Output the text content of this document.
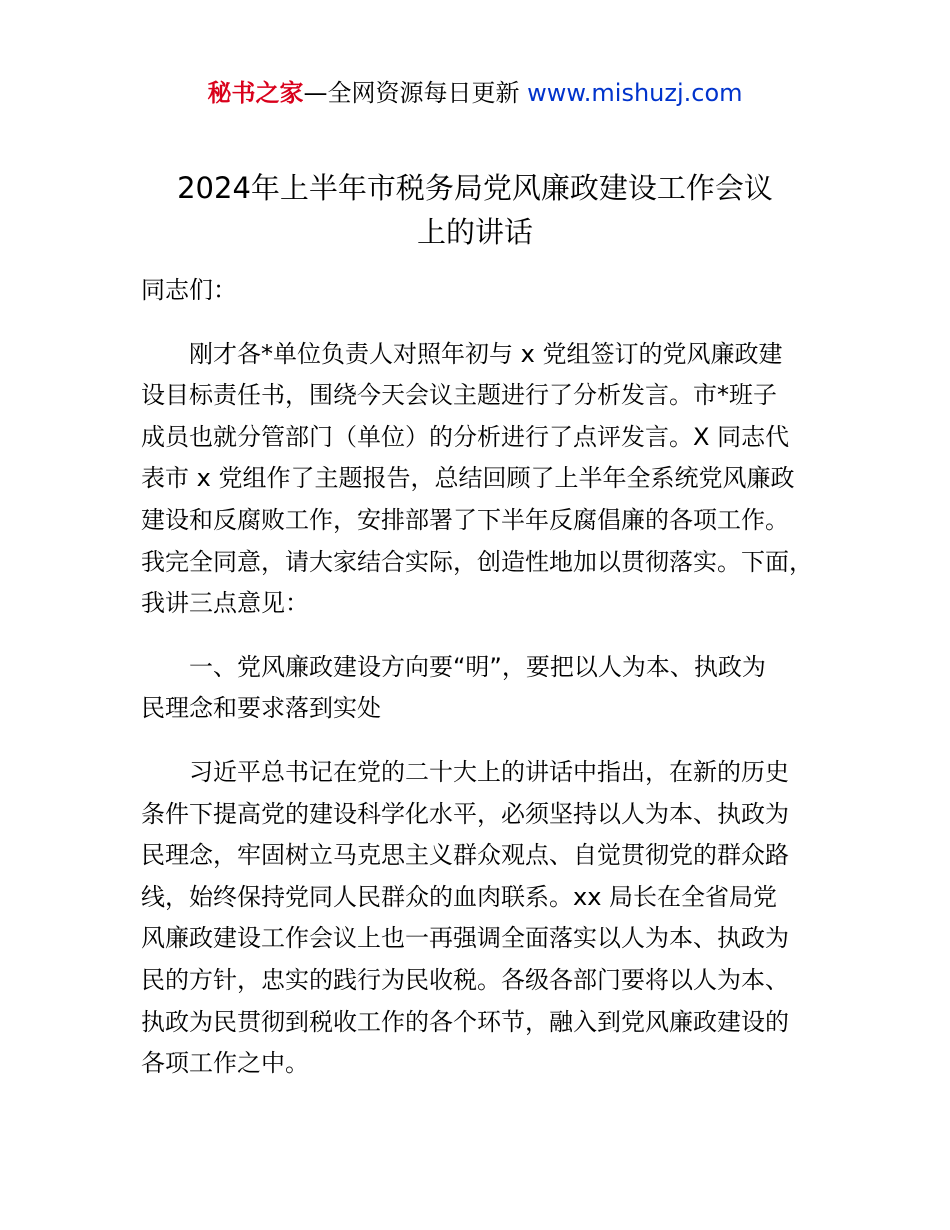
秘书之家—全网资源每日更新 www.mishuzj.com
2024年上半年市税务局党风廉政建设工作会议
上的讲话
同志们：
刚才各*单位负责人对照年初与 x 党组签订的党风廉政建
设目标责任书，围绕今天会议主题进行了分析发言。市*班子
成员也就分管部门（单位）的分析进行了点评发言。X 同志代
表市 x 党组作了主题报告，总结回顾了上半年全系统党风廉政
建设和反腐败工作，安排部署了下半年反腐倡廉的各项工作。
我完全同意，请大家结合实际，创造性地加以贯彻落实。下面，
我讲三点意见：
一、党风廉政建设方向要“明”，要把以人为本、执政为
民理念和要求落到实处
习近平总书记在党的二十大上的讲话中指出，在新的历史
条件下提高党的建设科学化水平，必须坚持以人为本、执政为
民理念，牢固树立马克思主义群众观点、自觉贯彻党的群众路
线，始终保持党同人民群众的血肉联系。xx 局长在全省局党
风廉政建设工作会议上也一再强调全面落实以人为本、执政为
民的方针，忠实的践行为民收税。各级各部门要将以人为本、
执政为民贯彻到税收工作的各个环节，融入到党风廉政建设的
各项工作之中。
